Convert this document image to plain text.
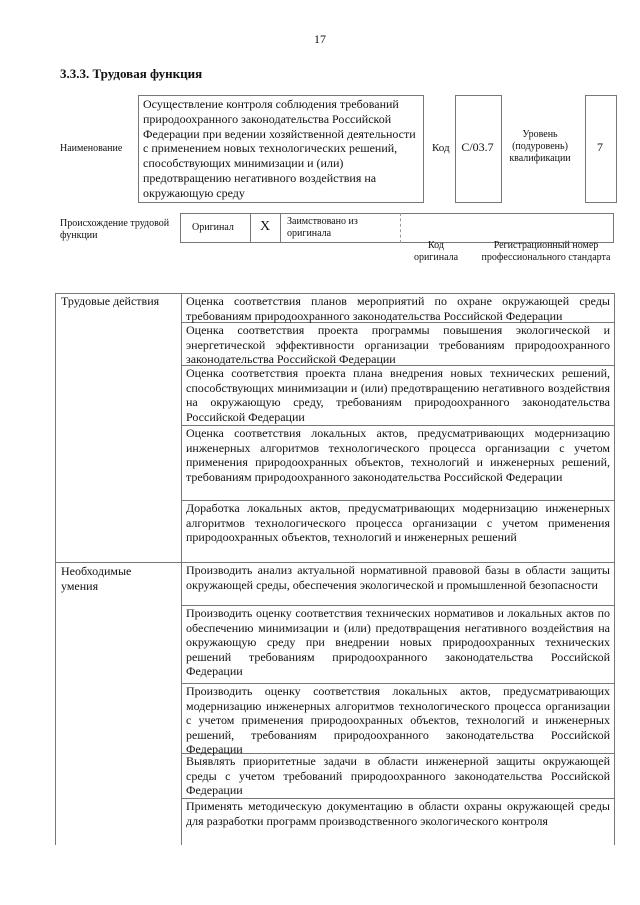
17
3.3.3. Трудовая функция
Наименование
Осуществление контроля соблюдения требований природоохранного законодательства Российской Федерации при ведении хозяйственной деятельности с применением новых технологических решений, способствующих минимизации и (или) предотвращению негативного воздействия на окружающую среду
Код C/03.7
Уровень (подуровень) квалификации
7
Происхождение трудовой функции
Оригинал	X	Заимствовано из оригинала
Код оригинала
Регистрационный номер профессионального стандарта
Трудовые действия
Необходимые умения
Оценка соответствия планов мероприятий по охране окружающей среды требованиям природоохранного законодательства Российской Федерации
Оценка соответствия проекта программы повышения экологической и энергетической эффективности организации требованиям природоохранного законодательства Российской Федерации
Оценка соответствия проекта плана внедрения новых технических решений, способствующих минимизации и (или) предотвращению негативного воздействия на окружающую среду, требованиям природоохранного законодательства Российской Федерации
Оценка соответствия локальных актов, предусматривающих модернизацию инженерных алгоритмов технологического процесса организации с учетом применения природоохранных объектов, технологий и инженерных решений, требованиям природоохранного законодательства Российской Федерации
Доработка локальных актов, предусматривающих модернизацию инженерных алгоритмов технологического процесса организации с учетом применения природоохранных объектов, технологий и инженерных решений
Производить анализ актуальной нормативной правовой базы в области защиты окружающей среды, обеспечения экологической и промышленной безопасности
Производить оценку соответствия технических нормативов и локальных актов по обеспечению минимизации и (или) предотвращения негативного воздействия на окружающую среду при внедрении новых природоохранных технических решений требованиям природоохранного законодательства Российской Федерации
Производить оценку соответствия локальных актов, предусматривающих модернизацию инженерных алгоритмов технологического процесса организации с учетом применения природоохранных объектов, технологий и инженерных решений, требованиям природоохранного законодательства Российской Федерации
Выявлять приоритетные задачи в области инженерной защиты окружающей среды с учетом требований природоохранного законодательства Российской Федерации
Применять методическую документацию в области охраны окружающей среды для разработки программ производственного экологического контроля
